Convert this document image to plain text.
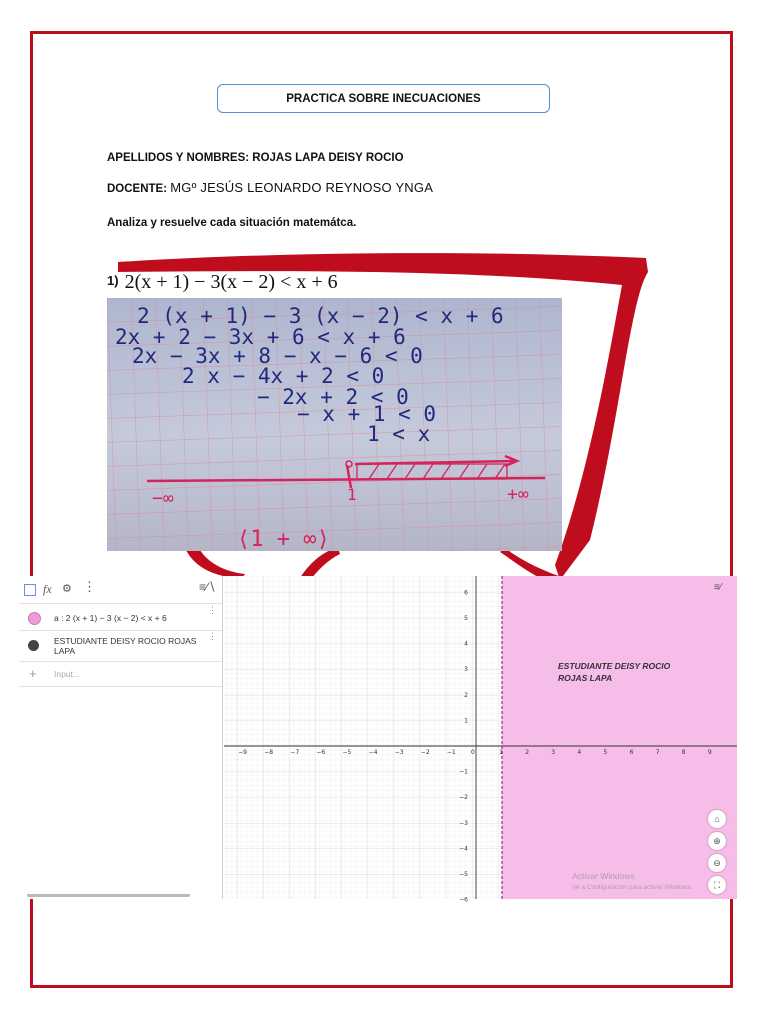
PRACTICA SOBRE INECUACIONES
APELLIDOS Y NOMBRES: ROJAS LAPA DEISY ROCIO
DOCENTE: MGº JESÚS LEONARDO REYNOSO YNGA
Analiza y resuelve cada situación matemátca.
1) 2(x + 1) − 3(x − 2) < x + 6
2 (x + 1) − 3 (x − 2) < x + 6
2x + 2 − 3x + 6 < x + 6
2x − 3x + 8 − x − 6 < 0
2 x − 4x + 2 < 0
− 2x + 2 < 0
− x + 1 < 0
1 < x
−∞	1	+∞
⟨1 + ∞⟩
fx ⚙ ⋮	≡∕∖
a : 2 (x + 1) − 3 (x − 2) < x + 6
⋮
ESTUDIANTE DEISY ROCIO ROJAS
LAPA
⋮
+ Input...
−9	−8	−7	−6	−5	−4	−3	−2	−1	0	1	2	3	4	5	6	7	8	9
6
5
4
3
2
1
−1
−2
−3
−4
−5
−6
ESTUDIANTE DEISY ROCIO
ROJAS LAPA
≡∕
⌂
⊕
⊖
⛶
Activar Windows
Ve a Configuración para activar Windows.
